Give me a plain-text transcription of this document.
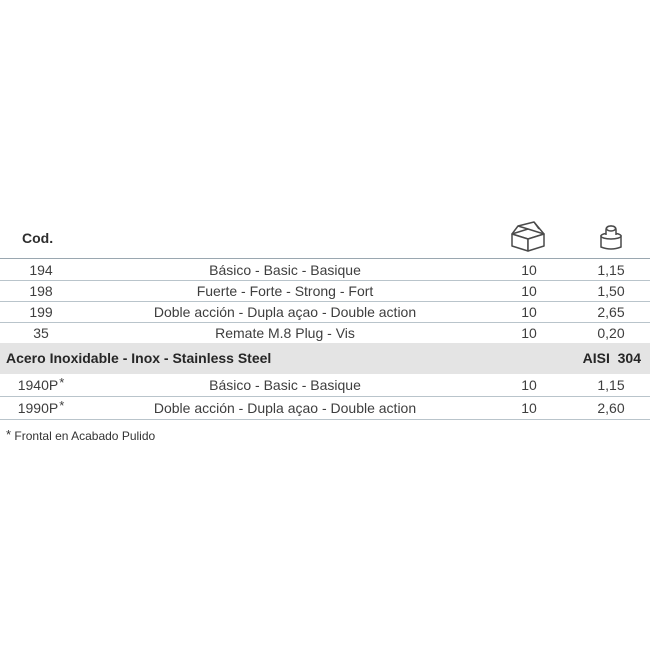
Cod.
194	Básico - Basic - Basique	10	1,15
198	Fuerte - Forte - Strong - Fort	10	1,50
199	Doble acción - Dupla açao - Double action	10	2,65
35	Remate M.8 Plug - Vis	10	0,20
Acero Inoxidable - Inox - Stainless Steel	AISI  304
1940P*	Básico - Basic - Basique	10	1,15
1990P*	Doble acción - Dupla açao - Double action	10	2,60
* Frontal en Acabado Pulido
